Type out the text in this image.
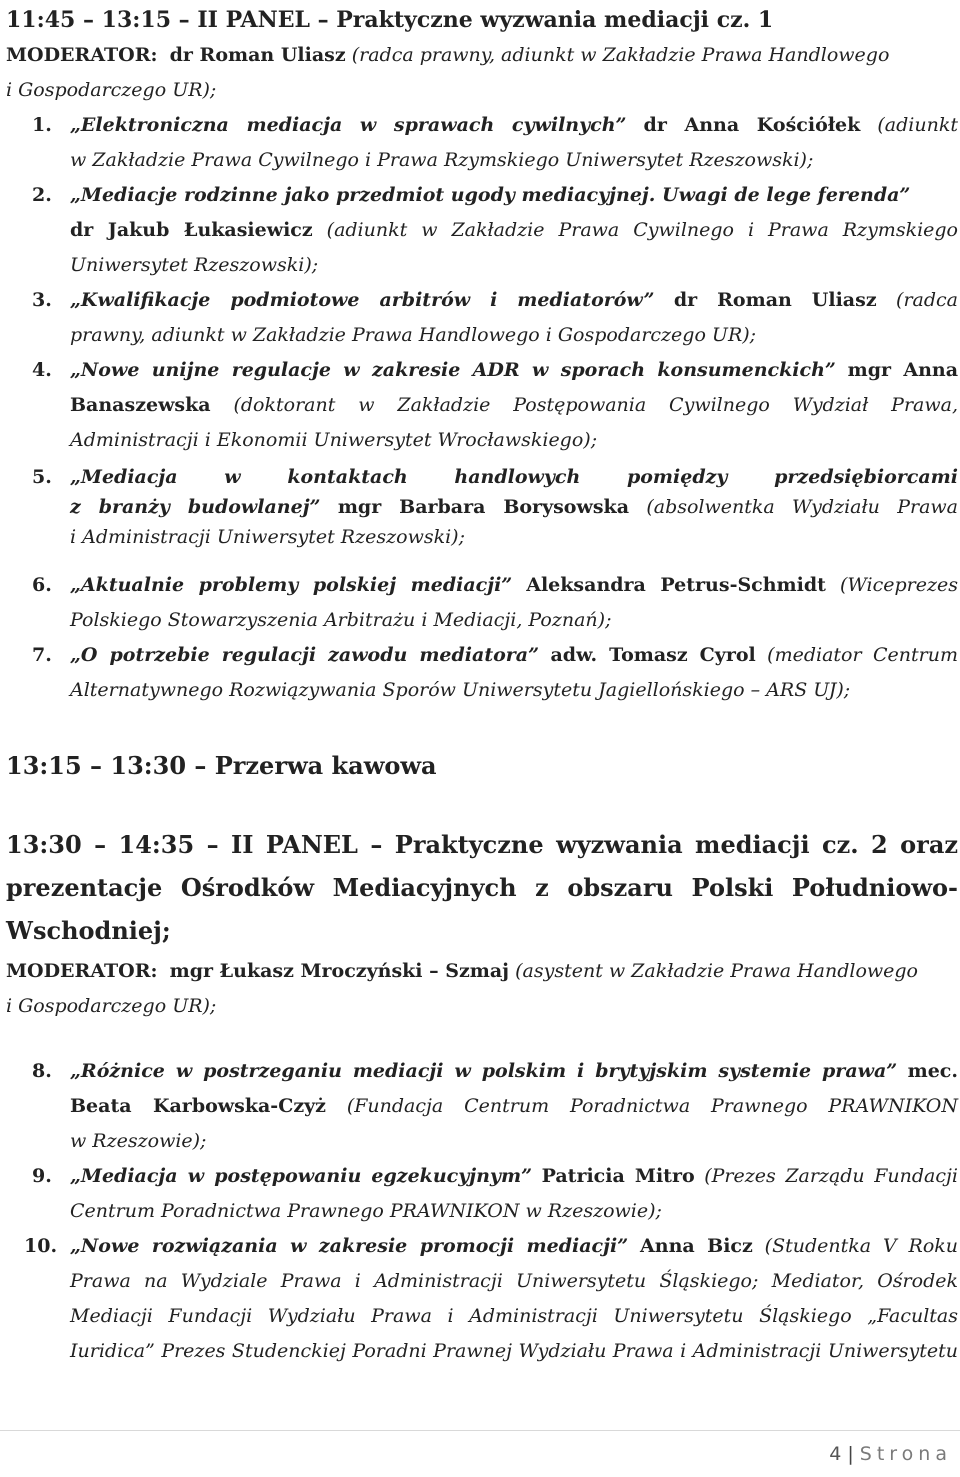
11:45 – 13:15 – II PANEL – Praktyczne wyzwania mediacji cz. 1
MODERATOR: dr Roman Uliasz (radca prawny, adiunkt w Zakładzie Prawa Handlowego
i Gospodarczego UR);
1. „Elektroniczna mediacja w sprawach cywilnych” dr Anna Kościółek (adiunkt
w Zakładzie Prawa Cywilnego i Prawa Rzymskiego Uniwersytet Rzeszowski);
2. „Mediacje rodzinne jako przedmiot ugody mediacyjnej. Uwagi de lege ferenda”
dr Jakub Łukasiewicz (adiunkt w Zakładzie Prawa Cywilnego i Prawa Rzymskiego
Uniwersytet Rzeszowski);
3. „Kwalifikacje podmiotowe arbitrów i mediatorów” dr Roman Uliasz (radca
prawny, adiunkt w Zakładzie Prawa Handlowego i Gospodarczego UR);
4. „Nowe unijne regulacje w zakresie ADR w sporach konsumenckich” mgr Anna
Banaszewska (doktorant w Zakładzie Postępowania Cywilnego Wydział Prawa,
Administracji i Ekonomii Uniwersytet Wrocławskiego);
5. „Mediacja w kontaktach handlowych pomiędzy przedsiębiorcami
z branży budowlanej” mgr Barbara Borysowska (absolwentka Wydziału Prawa
i Administracji Uniwersytet Rzeszowski);
6. „Aktualnie problemy polskiej mediacji” Aleksandra Petrus-Schmidt (Wiceprezes
Polskiego Stowarzyszenia Arbitrażu i Mediacji, Poznań);
7. „O potrzebie regulacji zawodu mediatora” adw. Tomasz Cyrol (mediator Centrum
Alternatywnego Rozwiązywania Sporów Uniwersytetu Jagiellońskiego – ARS UJ);
13:15 – 13:30 – Przerwa kawowa
13:30 – 14:35 – II PANEL – Praktyczne wyzwania mediacji cz. 2 oraz
prezentacje Ośrodków Mediacyjnych z obszaru Polski Południowo-
Wschodniej;
MODERATOR: mgr Łukasz Mroczyński – Szmaj (asystent w Zakładzie Prawa Handlowego
i Gospodarczego UR);
8. „Różnice w postrzeganiu mediacji w polskim i brytyjskim systemie prawa” mec.
Beata Karbowska-Czyż (Fundacja Centrum Poradnictwa Prawnego PRAWNIKON
w Rzeszowie);
9. „Mediacja w postępowaniu egzekucyjnym” Patricia Mitro (Prezes Zarządu Fundacji
Centrum Poradnictwa Prawnego PRAWNIKON w Rzeszowie);
10. „Nowe rozwiązania w zakresie promocji mediacji” Anna Bicz (Studentka V Roku
Prawa na Wydziale Prawa i Administracji Uniwersytetu Śląskiego; Mediator, Ośrodek
Mediacji Fundacji Wydziału Prawa i Administracji Uniwersytetu Śląskiego „Facultas
Iuridica” Prezes Studenckiej Poradni Prawnej Wydziału Prawa i Administracji Uniwersytetu
4 | Strona
